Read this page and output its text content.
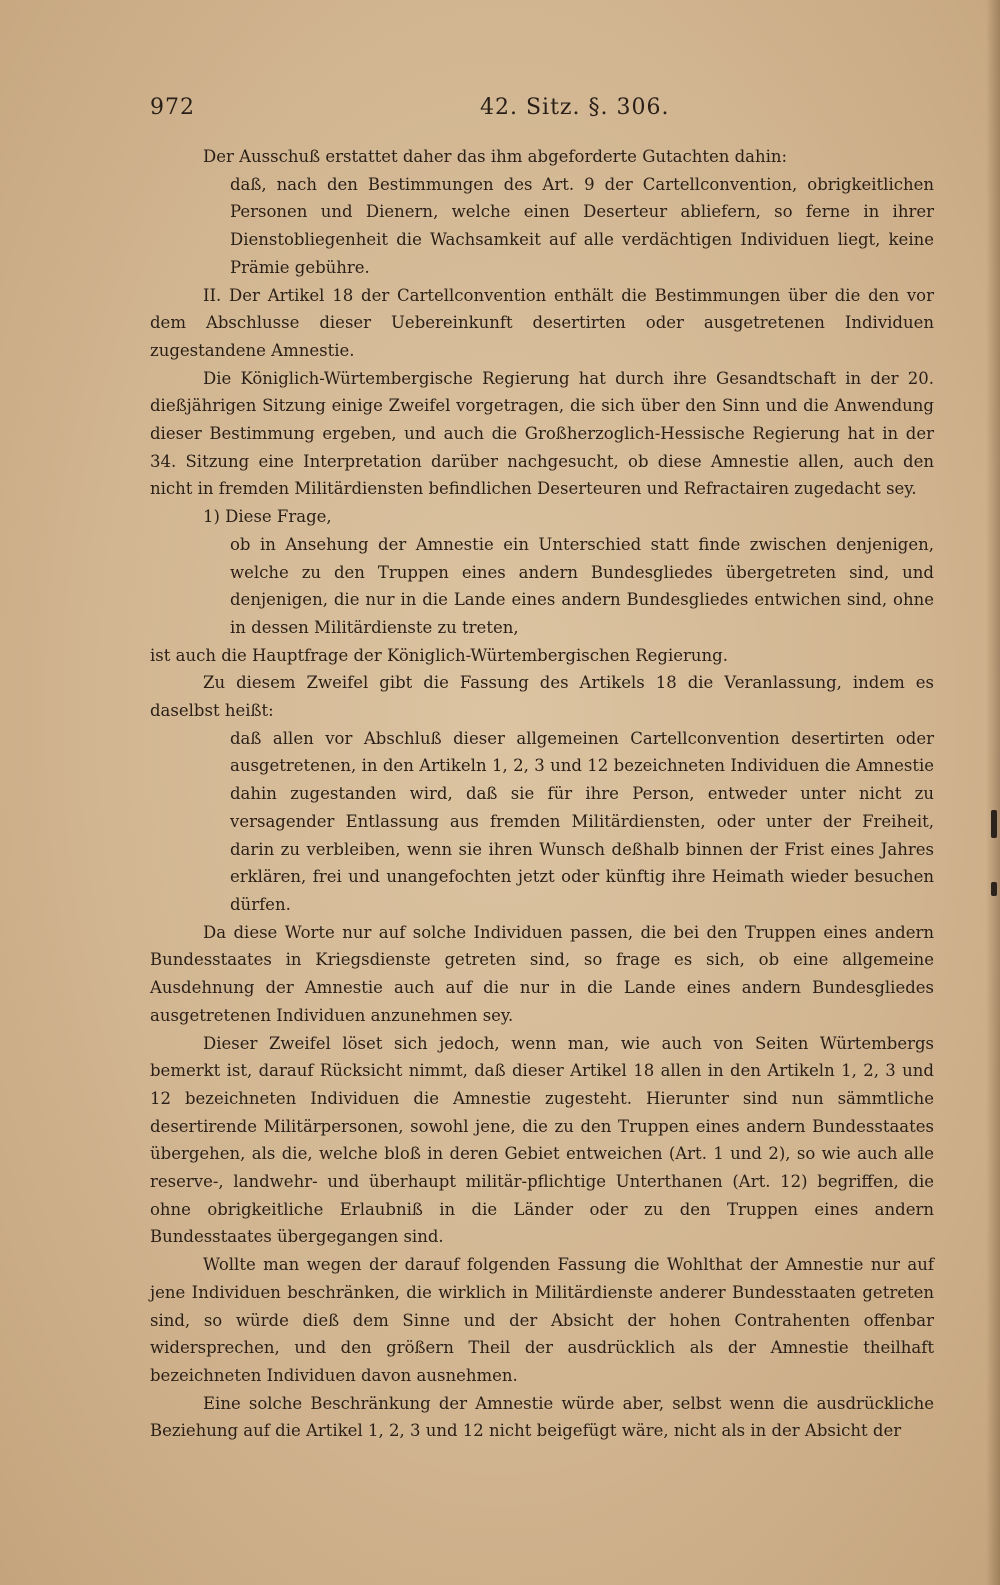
972	42. Sitz. §. 306.

Der Ausschuß erstattet daher das ihm abgeforderte Gutachten dahin:

daß, nach den Bestimmungen des Art. 9 der Cartellconvention, obrigkeitlichen Personen und Dienern, welche einen Deserteur abliefern, so ferne in ihrer Dienstobliegenheit die Wachsamkeit auf alle verdächtigen Individuen liegt, keine Prämie gebühre.

II. Der Artikel 18 der Cartellconvention enthält die Bestimmungen über die den vor dem Abschlusse dieser Uebereinkunft desertirten oder ausgetretenen Individuen zugestandene Amnestie.

Die Königlich-Würtembergische Regierung hat durch ihre Gesandtschaft in der 20. dießjährigen Sitzung einige Zweifel vorgetragen, die sich über den Sinn und die Anwendung dieser Bestimmung ergeben, und auch die Großherzoglich-Hessische Regierung hat in der 34. Sitzung eine Interpretation darüber nachgesucht, ob diese Amnestie allen, auch den nicht in fremden Militärdiensten befindlichen Deserteuren und Refractairen zugedacht sey.

1) Diese Frage,

ob in Ansehung der Amnestie ein Unterschied statt finde zwischen denjenigen, welche zu den Truppen eines andern Bundesgliedes übergetreten sind, und denjenigen, die nur in die Lande eines andern Bundesgliedes entwichen sind, ohne in dessen Militärdienste zu treten,

ist auch die Hauptfrage der Königlich-Würtembergischen Regierung.

Zu diesem Zweifel gibt die Fassung des Artikels 18 die Veranlassung, indem es daselbst heißt:

daß allen vor Abschluß dieser allgemeinen Cartellconvention desertirten oder ausgetretenen, in den Artikeln 1, 2, 3 und 12 bezeichneten Individuen die Amnestie dahin zugestanden wird, daß sie für ihre Person, entweder unter nicht zu versagender Entlassung aus fremden Militärdiensten, oder unter der Freiheit, darin zu verbleiben, wenn sie ihren Wunsch deßhalb binnen der Frist eines Jahres erklären, frei und unangefochten jetzt oder künftig ihre Heimath wieder besuchen dürfen.

Da diese Worte nur auf solche Individuen passen, die bei den Truppen eines andern Bundesstaates in Kriegsdienste getreten sind, so frage es sich, ob eine allgemeine Ausdehnung der Amnestie auch auf die nur in die Lande eines andern Bundesgliedes ausgetretenen Individuen anzunehmen sey.

Dieser Zweifel löset sich jedoch, wenn man, wie auch von Seiten Würtembergs bemerkt ist, darauf Rücksicht nimmt, daß dieser Artikel 18 allen in den Artikeln 1, 2, 3 und 12 bezeichneten Individuen die Amnestie zugesteht. Hierunter sind nun sämmtliche desertirende Militärpersonen, sowohl jene, die zu den Truppen eines andern Bundesstaates übergehen, als die, welche bloß in deren Gebiet entweichen (Art. 1 und 2), so wie auch alle reserve-, landwehr- und überhaupt militär-pflichtige Unterthanen (Art. 12) begriffen, die ohne obrigkeitliche Erlaubniß in die Länder oder zu den Truppen eines andern Bundesstaates übergegangen sind.

Wollte man wegen der darauf folgenden Fassung die Wohlthat der Amnestie nur auf jene Individuen beschränken, die wirklich in Militärdienste anderer Bundesstaaten getreten sind, so würde dieß dem Sinne und der Absicht der hohen Contrahenten offenbar widersprechen, und den größern Theil der ausdrücklich als der Amnestie theilhaft bezeichneten Individuen davon ausnehmen.

Eine solche Beschränkung der Amnestie würde aber, selbst wenn die ausdrückliche Beziehung auf die Artikel 1, 2, 3 und 12 nicht beigefügt wäre, nicht als in der Absicht der
